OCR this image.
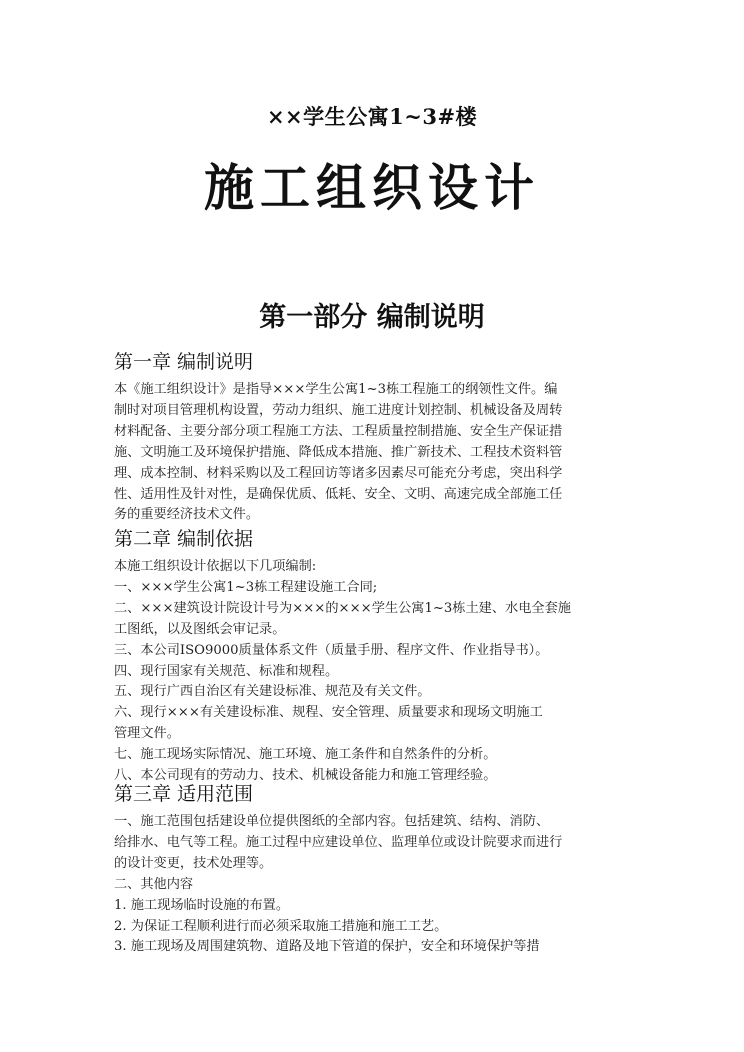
××学生公寓1~3#楼
施工组织设计
第一部分 编制说明
第一章 编制说明
本《施工组织设计》是指导×××学生公寓1~3栋工程施工的纲领性文件。编
制时对项目管理机构设置，劳动力组织、施工进度计划控制、机械设备及周转
材料配备、主要分部分项工程施工方法、工程质量控制措施、安全生产保证措
施、文明施工及环境保护措施、降低成本措施、推广新技术、工程技术资料管
理、成本控制、材料采购以及工程回访等诸多因素尽可能充分考虑，突出科学
性、适用性及针对性，是确保优质、低耗、安全、文明、高速完成全部施工任
务的重要经济技术文件。
第二章 编制依据
本施工组织设计依据以下几项编制:
一、×××学生公寓1~3栋工程建设施工合同;
二、×××建筑设计院设计号为×××的×××学生公寓1~3栋土建、水电全套施
工图纸，以及图纸会审记录。
三、本公司ISO9000质量体系文件（质量手册、程序文件、作业指导书）。
四、现行国家有关规范、标准和规程。
五、现行广西自治区有关建设标准、规范及有关文件。
六、现行×××有关建设标准、规程、安全管理、质量要求和现场文明施工
管理文件。
七、施工现场实际情况、施工环境、施工条件和自然条件的分析。
八、本公司现有的劳动力、技术、机械设备能力和施工管理经验。
第三章 适用范围
一、施工范围包括建设单位提供图纸的全部内容。包括建筑、结构、消防、
给排水、电气等工程。施工过程中应建设单位、监理单位或设计院要求而进行
的设计变更，技术处理等。
二、其他内容
1. 施工现场临时设施的布置。
2. 为保证工程顺利进行而必须采取施工措施和施工工艺。
3. 施工现场及周围建筑物、道路及地下管道的保护，安全和环境保护等措
